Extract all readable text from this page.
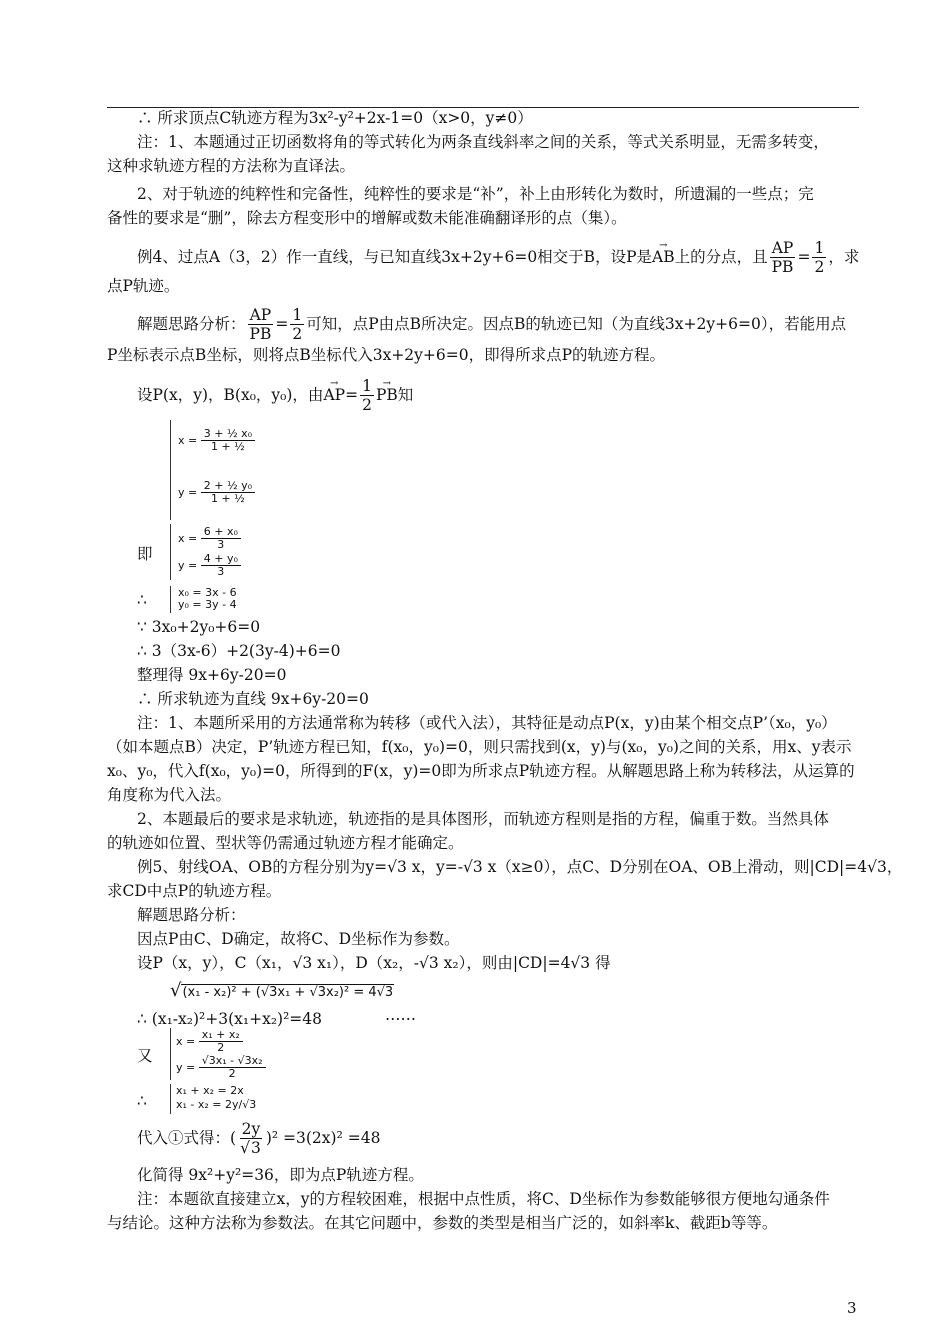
∴ 所求顶点C轨迹方程为3x²-y²+2x-1=0（x>0，y≠0）
注：1、本题通过正切函数将角的等式转化为两条直线斜率之间的关系，等式关系明显，无需多转变，
这种求轨迹方程的方法称为直译法。
2、对于轨迹的纯粹性和完备性，纯粹性的要求是“补”，补上由形转化为数时，所遗漏的一些点；完
备性的要求是“删”，除去方程变形中的增解或数未能准确翻译形的点（集）。
例4、过点A（3，2）作一直线，与已知直线3x+2y+6=0相交于B，设P是 → AB 上的分点，且 $\frac{AP}{PB} = \frac{1}{2}$ ，求
点P轨迹。
解题思路分析： $\frac{AP}{PB} = \frac{1}{2}$ 可知，点P由点B所决定。因点B的轨迹已知（为直线3x+2y+6=0），若能用点
P坐标表示点B坐标，则将点B坐标代入3x+2y+6=0，即得所求点P的轨迹方程。
设P(x，y)，B(x₀，y₀)，由 → AP = $\frac{1}{2}$ → PB 知
x =
$\frac{\text{3 + ½ x₀}}{\text{1 + ½}}$
y =
$\frac{\text{2 + ½ y₀}}{\text{1 + ½}}$
即
x =
$\frac{\text{6 + x₀}}{3}$
y =
$\frac{\text{4 + y₀}}{3}$
∴	x₀ = 3x - 6
y₀ = 3y - 4
∵ 3x₀+2y₀+6=0
∴ 3（3x-6）+2(3y-4)+6=0
整理得 9x+6y-20=0
∴ 所求轨迹为直线 9x+6y-20=0
注：1、本题所采用的方法通常称为转移（或代入法），其特征是动点P(x，y)由某个相交点P’（x₀，y₀）
（如本题点B）决定，P’轨迹方程已知，f(x₀，y₀)=0，则只需找到(x，y)与(x₀，y₀)之间的关系，用x、y表示
x₀、y₀，代入f(x₀，y₀)=0，所得到的F(x，y)=0即为所求点P轨迹方程。从解题思路上称为转移法，从运算的
角度称为代入法。
2、本题最后的要求是求轨迹，轨迹指的是具体图形，而轨迹方程则是指的方程，偏重于数。当然具体
的轨迹如位置、型状等仍需通过轨迹方程才能确定。
例5、射线OA、OB的方程分别为y=√3 x，y=-√3 x（x≥0），点C、D分别在OA、OB上滑动，则|CD|=4√3，
求CD中点P的轨迹方程。
解题思路分析：
因点P由C、D确定，故将C、D坐标作为参数。
设P（x，y），C（x₁，√3 x₁），D（x₂，-√3 x₂），则由|CD|=4√3 得
√(x₁ - x₂)² + (√3x₁ + √3x₂)² = 4√3
∴ (x₁-x₂)²+3(x₁+x₂)²=48	……
又
x =
$\frac{\text{x₁ + x₂}}{2}$
y =
$\frac{\text{√3x₁ - √3x₂}}{2}$
∴
x₁ + x₂ = 2x
x₁ - x₂ = 2y/√3
代入①式得： ( $\frac{2y}{√3} )^2 =3(2x)^2 =48$
化简得 9x²+y²=36，即为点P轨迹方程。
注：本题欲直接建立x，y的方程较困难，根据中点性质，将C、D坐标作为参数能够很方便地勾通条件
与结论。这种方法称为参数法。在其它问题中，参数的类型是相当广泛的，如斜率k、截距b等等。
3
